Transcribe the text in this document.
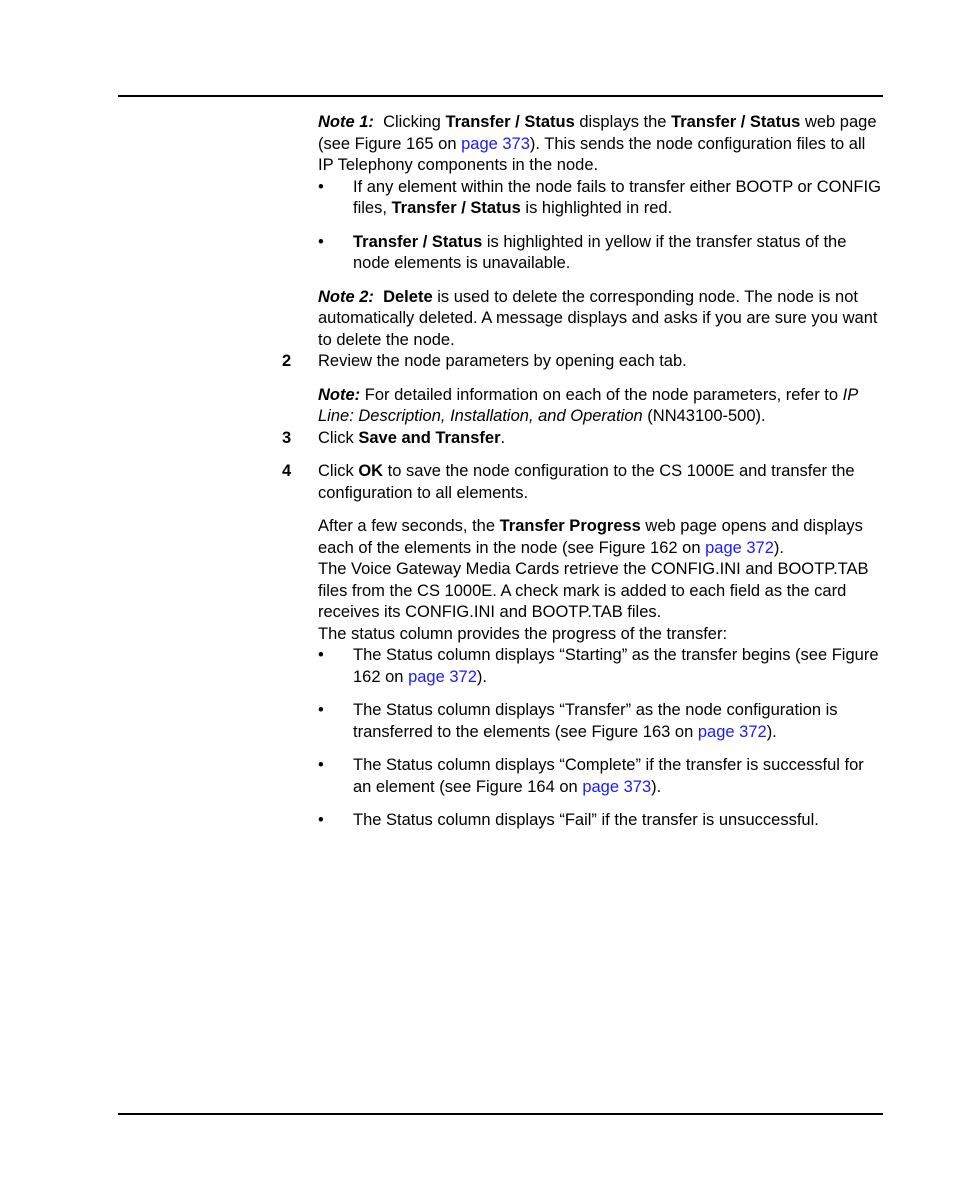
Note 1: Clicking Transfer / Status displays the Transfer / Status web page (see Figure 165 on page 373). This sends the node configuration files to all IP Telephony components in the node.

• If any element within the node fails to transfer either BOOTP or CONFIG files, Transfer / Status is highlighted in red.

• Transfer / Status is highlighted in yellow if the transfer status of the node elements is unavailable.

Note 2: Delete is used to delete the corresponding node. The node is not automatically deleted. A message displays and asks if you are sure you want to delete the node.

2 Review the node parameters by opening each tab.

Note: For detailed information on each of the node parameters, refer to IP Line: Description, Installation, and Operation (NN43100-500).

3 Click Save and Transfer.

4 Click OK to save the node configuration to the CS 1000E and transfer the configuration to all elements.

After a few seconds, the Transfer Progress web page opens and displays each of the elements in the node (see Figure 162 on page 372).

The Voice Gateway Media Cards retrieve the CONFIG.INI and BOOTP.TAB files from the CS 1000E. A check mark is added to each field as the card receives its CONFIG.INI and BOOTP.TAB files.

The status column provides the progress of the transfer:

• The Status column displays “Starting” as the transfer begins (see Figure 162 on page 372).

• The Status column displays “Transfer” as the node configuration is transferred to the elements (see Figure 163 on page 372).

• The Status column displays “Complete” if the transfer is successful for an element (see Figure 164 on page 373).

• The Status column displays “Fail” if the transfer is unsuccessful.
